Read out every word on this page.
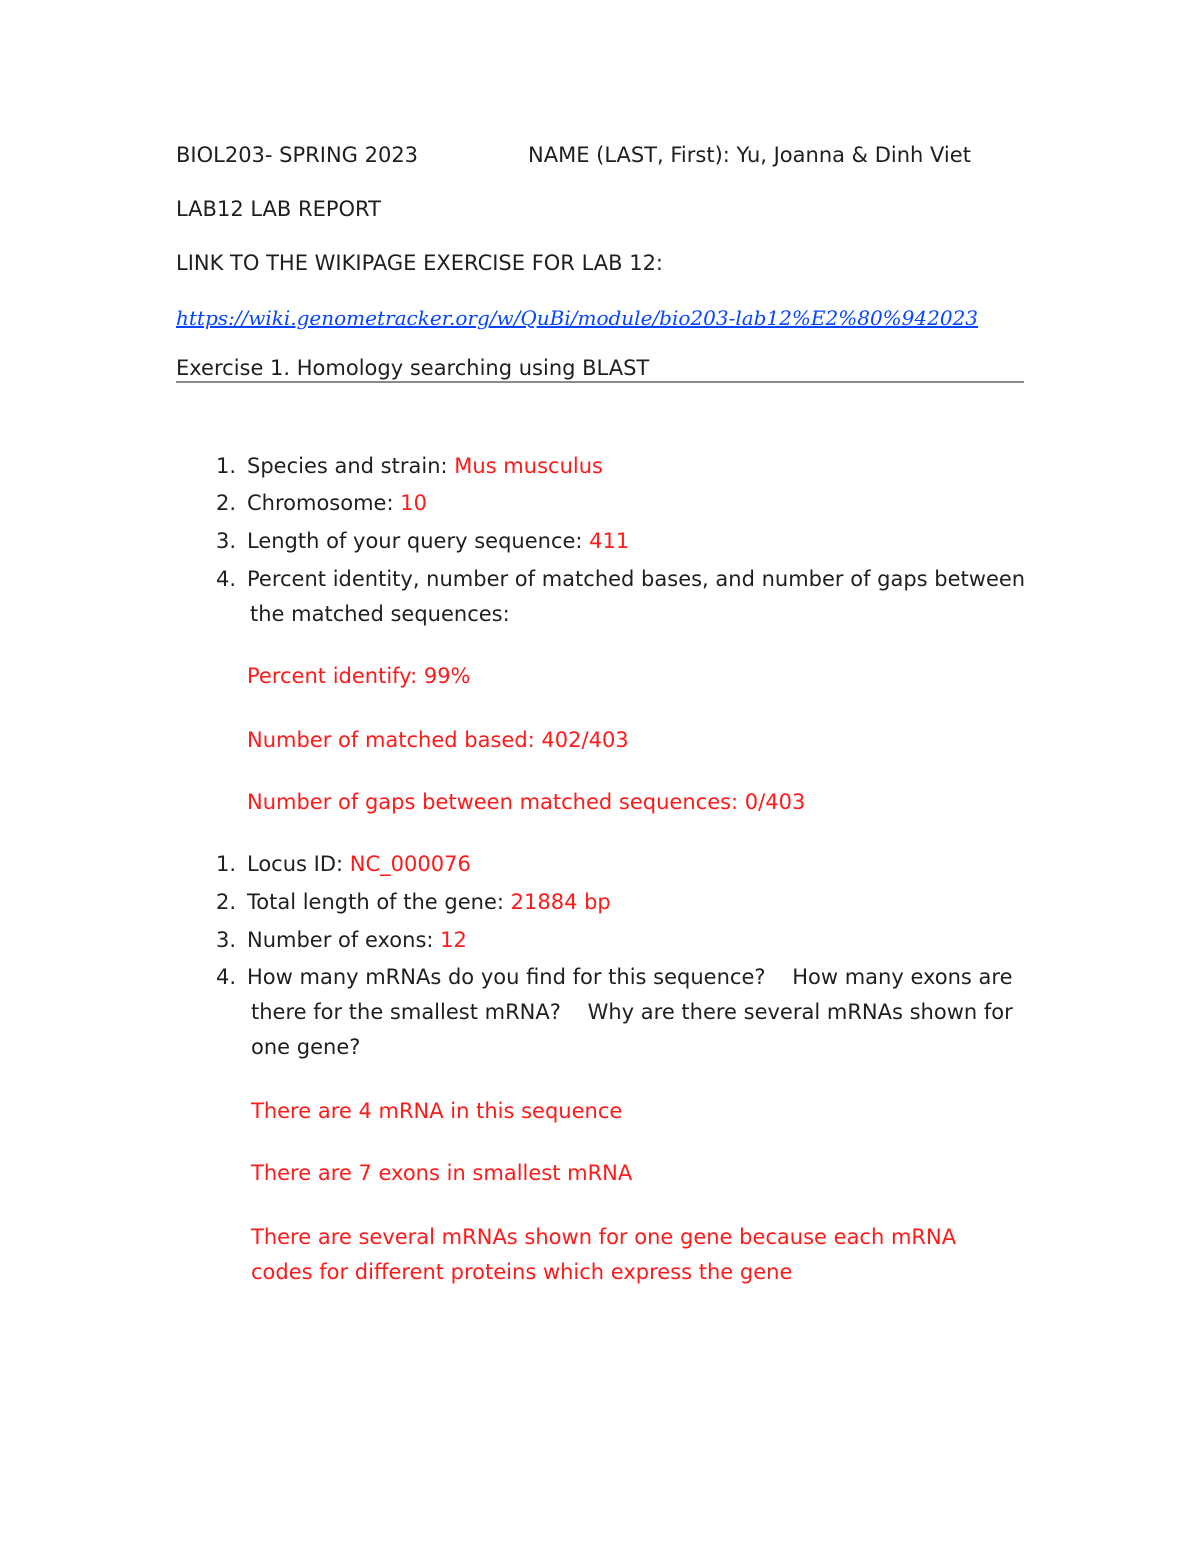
BIOL203- SPRING 2023	NAME (LAST, First): Yu, Joanna & Dinh Viet
LAB12 LAB REPORT
LINK TO THE WIKIPAGE EXERCISE FOR LAB 12:
https://wiki.genometracker.org/w/QuBi/module/bio203-lab12%E2%80%942023
Exercise 1. Homology searching using BLAST
1. Species and strain: Mus musculus
2. Chromosome: 10
3. Length of your query sequence: 411
4. Percent identity, number of matched bases, and number of gaps between
the matched sequences:
Percent identify: 99%
Number of matched based: 402/403
Number of gaps between matched sequences: 0/403
1. Locus ID: NC_000076
2. Total length of the gene: 21884 bp
3. Number of exons: 12
4. How many mRNAs do you find for this sequence?    How many exons are
there for the smallest mRNA?    Why are there several mRNAs shown for
one gene?
There are 4 mRNA in this sequence
There are 7 exons in smallest mRNA
There are several mRNAs shown for one gene because each mRNA
codes for different proteins which express the gene
